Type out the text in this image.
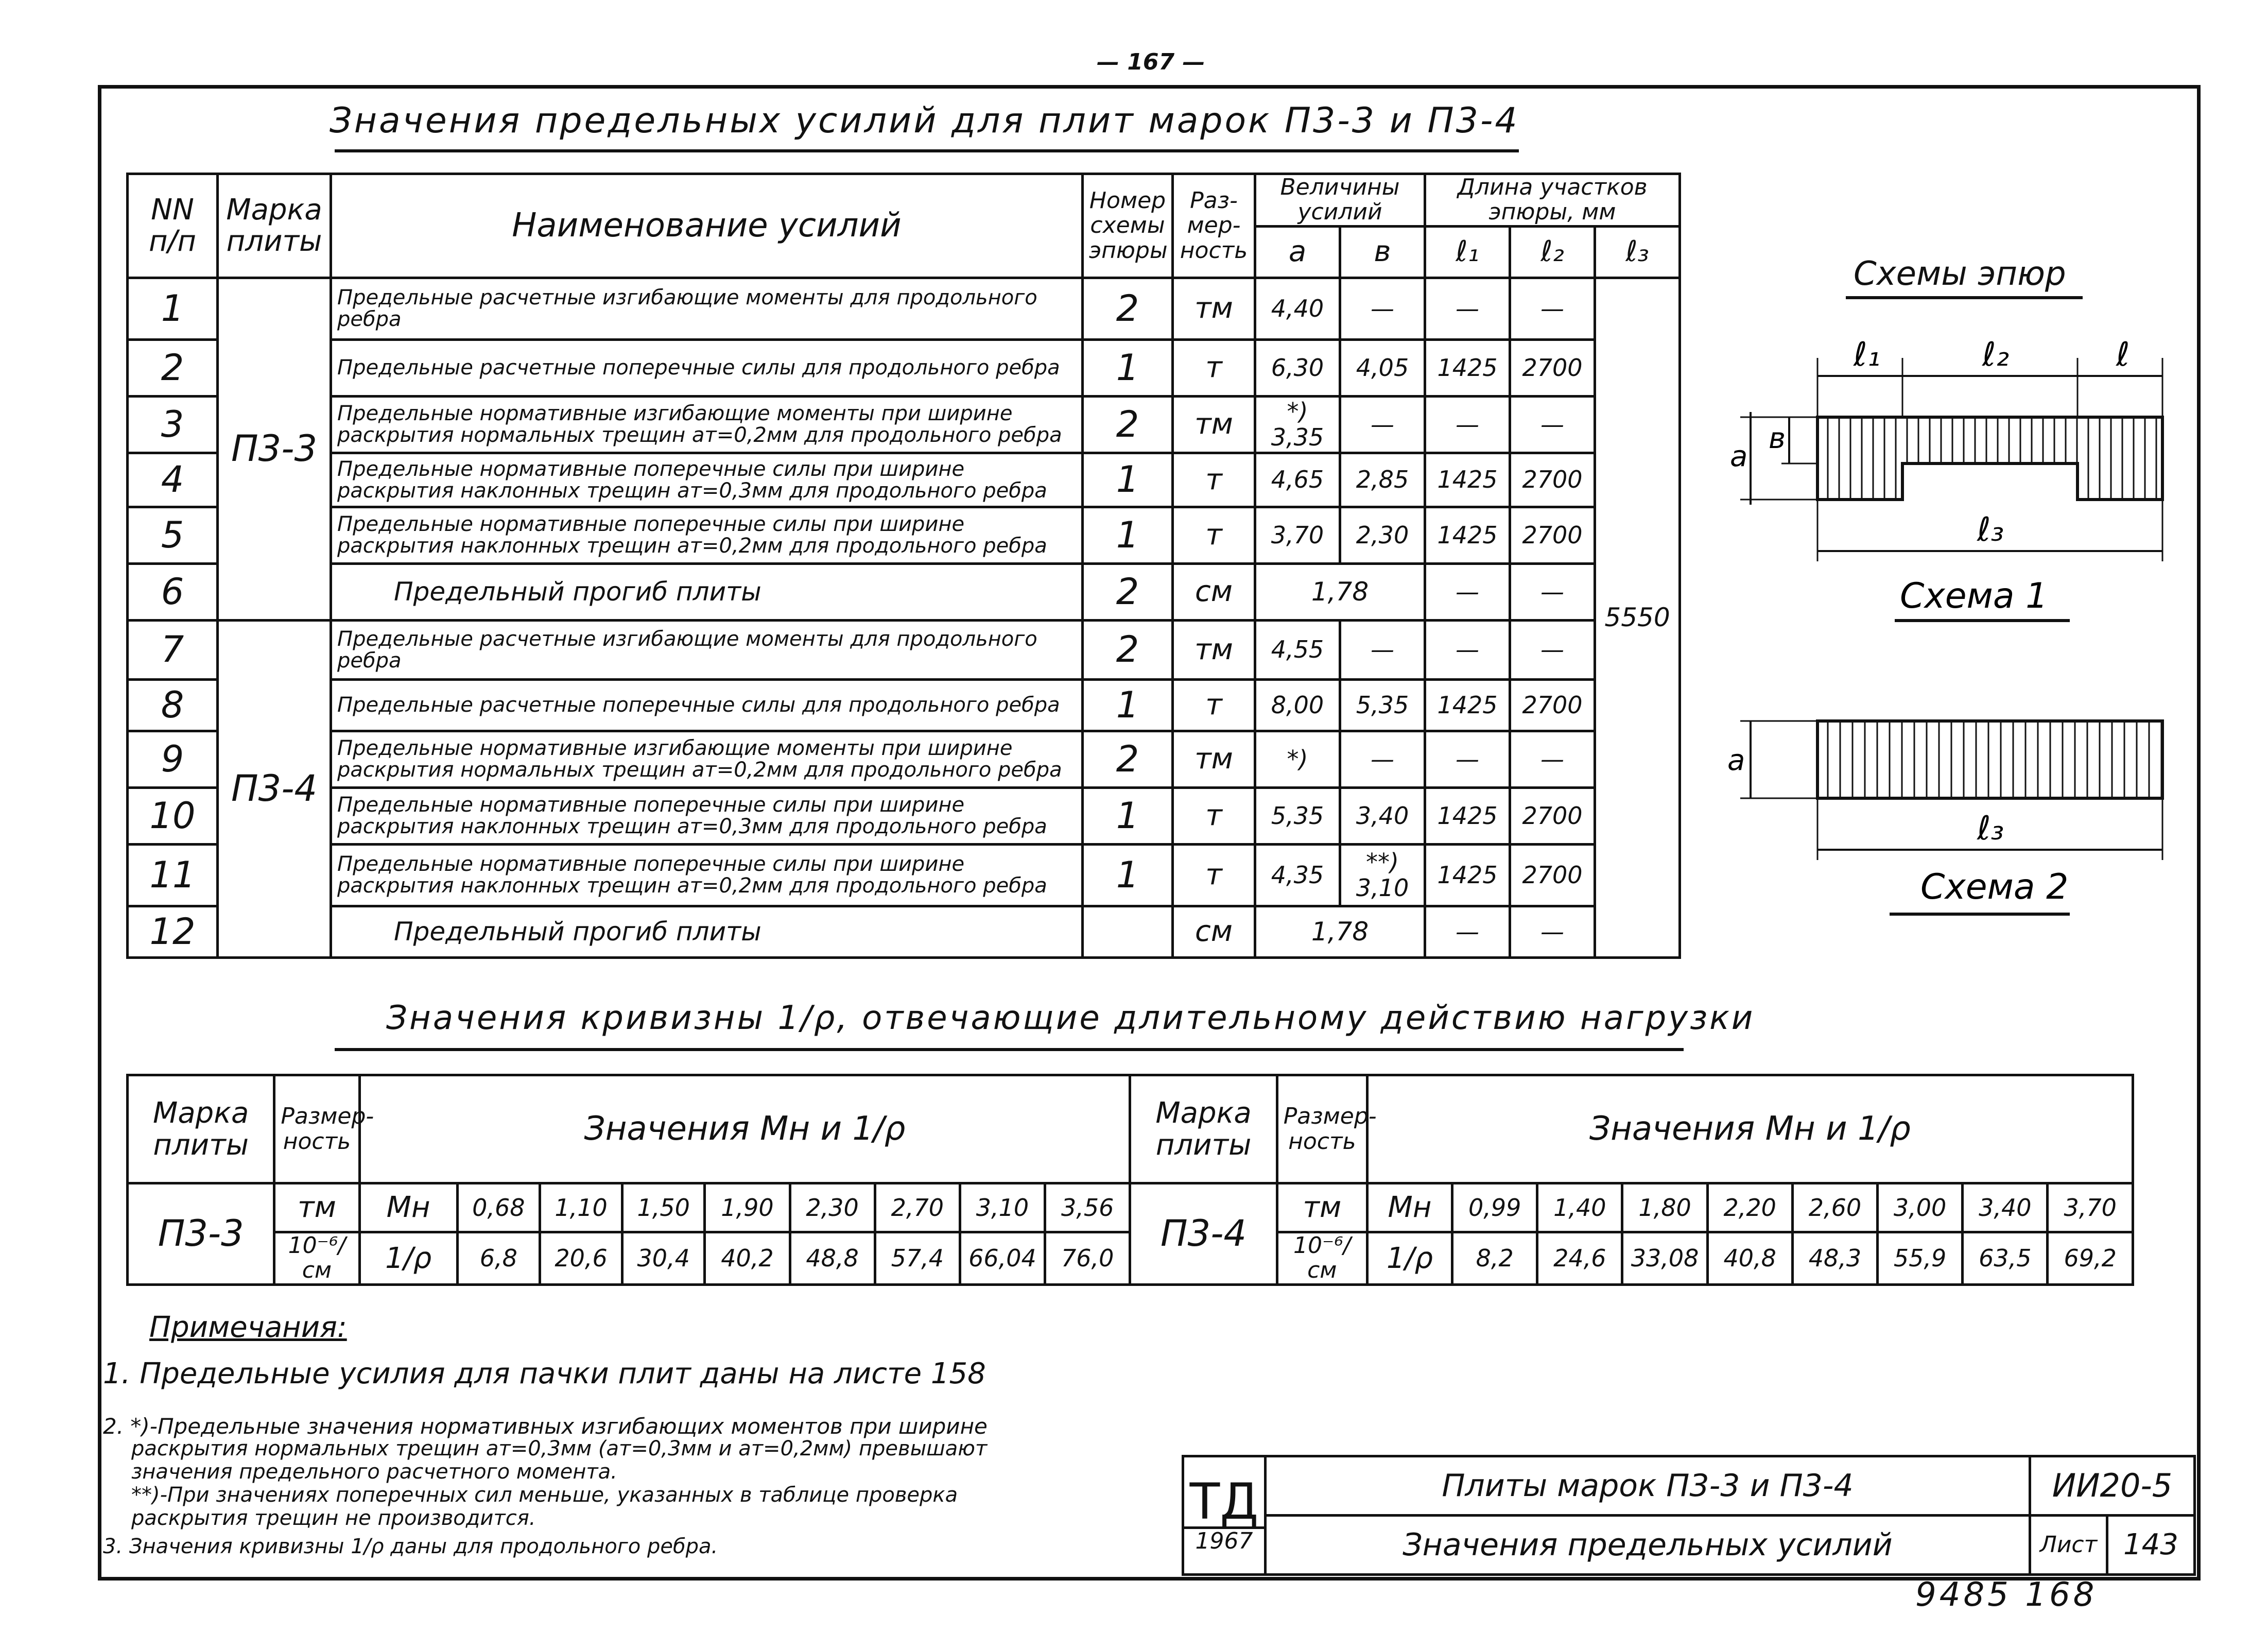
— 167 —
Значения предельных усилий для плит марок П3-3 и П3-4
NN п/п	Марка плиты	Наименование усилий	Номер схемы эпюры	Раз-мер-ность	Величины усилий		Длина участков эпюры, мм		
					а	в	ℓ₁	ℓ₂	ℓ₃
1	П3-3	Предельные расчетные изгибающие моменты для продольного ребра	2	тм	4,40	—	—	—	5550
2		Предельные расчетные поперечные силы для продольного ребра	1	т	6,30	4,05	1425	2700	
3		Предельные нормативные изгибающие моменты при ширине раскрытия нормальных трещин ат=0,2мм для продольного ребра	2	тм	*) 3,35	—	—	—	
4		Предельные нормативные поперечные силы при ширине раскрытия наклонных трещин ат=0,3мм для продольного ребра	1	т	4,65	2,85	1425	2700	
5		Предельные нормативные поперечные силы при ширине раскрытия наклонных трещин ат=0,2мм для продольного ребра	1	т	3,70	2,30	1425	2700	
6		Предельный прогиб плиты	2	см	1,78		—	—	
7	П3-4	Предельные расчетные изгибающие моменты для продольного ребра	2	тм	4,55	—	—	—	
8		Предельные расчетные поперечные силы для продольного ребра	1	т	8,00	5,35	1425	2700	
9		Предельные нормативные изгибающие моменты при ширине раскрытия нормальных трещин ат=0,2мм для продольного ребра	2	тм	*)	—	—	—	
10		Предельные нормативные поперечные силы при ширине раскрытия наклонных трещин ат=0,3мм для продольного ребра	1	т	5,35	3,40	1425	2700	
11		Предельные нормативные поперечные силы при ширине раскрытия наклонных трещин ат=0,2мм для продольного ребра	1	т	4,35	**) 3,10	1425	2700	
12		Предельный прогиб плиты		см	1,78		—	—	
Схемы эпюр
ℓ₁	ℓ₂	ℓ
а
в
ℓ₃
Схема 1
а
ℓ₃
Схема 2
Значения кривизны 1/ρ, отвечающие длительному действию нагрузки
Марка плиты	Размер-ность	Значения Мн и 1/ρ									Марка плиты	Размер-ность	Значения Мн и 1/ρ								
П3-3	тм	Мн	0,68	1,10	1,50	1,90	2,30	2,70	3,10	3,56	П3-4	тм	Мн	0,99	1,40	1,80	2,20	2,60	3,00	3,40	3,70
	10⁻⁶/см	1/ρ	6,8	20,6	30,4	40,2	48,8	57,4	66,04	76,0		10⁻⁶/см	1/ρ	8,2	24,6	33,08	40,8	48,3	55,9	63,5	69,2
Примечания:
1. Предельные усилия для пачки плит даны на листе 158
2. *)-Предельные значения нормативных изгибающих моментов при ширине
раскрытия нормальных трещин ат=0,3мм (ат=0,3мм и ат=0,2мм) превышают
значения предельного расчетного момента.
**)-При значениях поперечных сил меньше, указанных в таблице проверка
раскрытия трещин не производится.
3. Значения кривизны 1/ρ даны для продольного ребра.
ТД
1967	Плиты марок П3-3 и П3-4	ИИ20-5	
	Значения предельных усилий	Лист	143
9485 168
